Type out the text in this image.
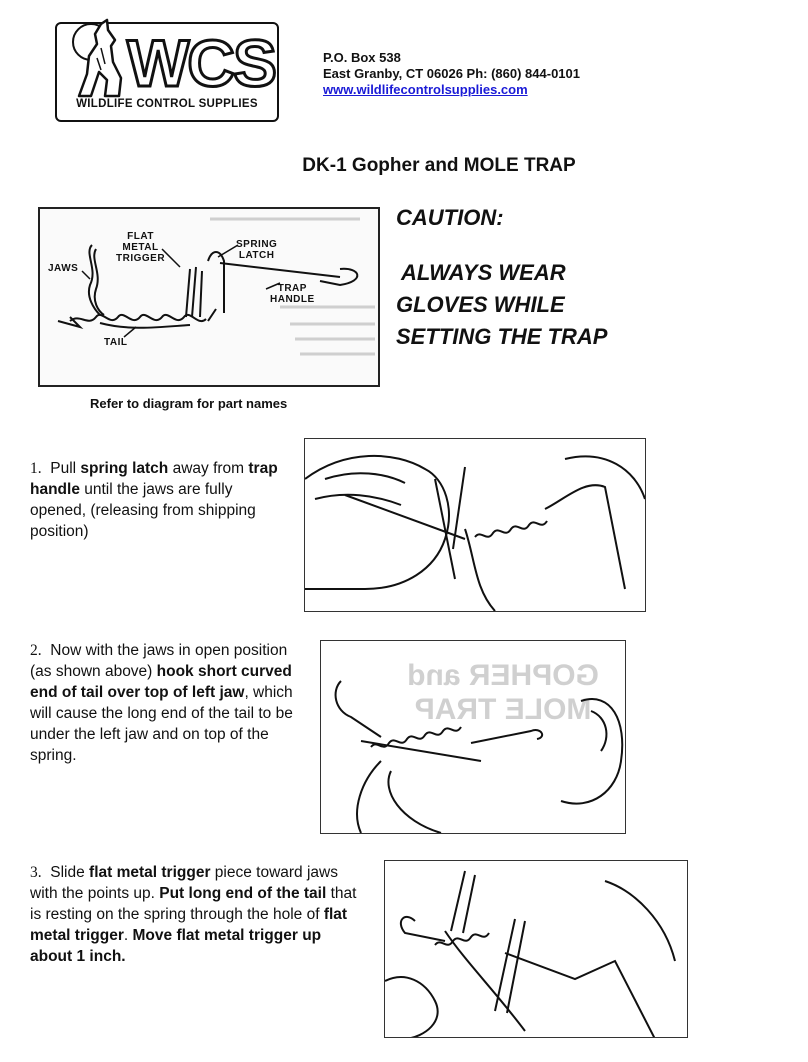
WCS
WILDLIFE CONTROL SUPPLIES
P.O. Box 538
East Granby, CT 06026 Ph: (860) 844-0101
www.wildlifecontrolsupplies.com
DK-1 Gopher and MOLE TRAP
JAWS
FLAT
METAL
TRIGGER
SPRING
LATCH
TRAP
HANDLE
TAIL
Refer to diagram for part names
CAUTION:
ALWAYS WEAR
GLOVES WHILE
SETTING THE TRAP
1. Pull spring latch away from trap handle until the jaws are fully opened, (releasing from shipping position)
2. Now with the jaws in open position (as shown above) hook short curved end of tail over top of left jaw, which will cause the long end of the tail to be under the left jaw and on top of the spring.
GOPHER and
MOLE TRAP
3. Slide flat metal trigger piece toward jaws with the points up. Put long end of the tail that is resting on the spring through the hole of flat metal trigger. Move flat metal trigger up about 1 inch.
